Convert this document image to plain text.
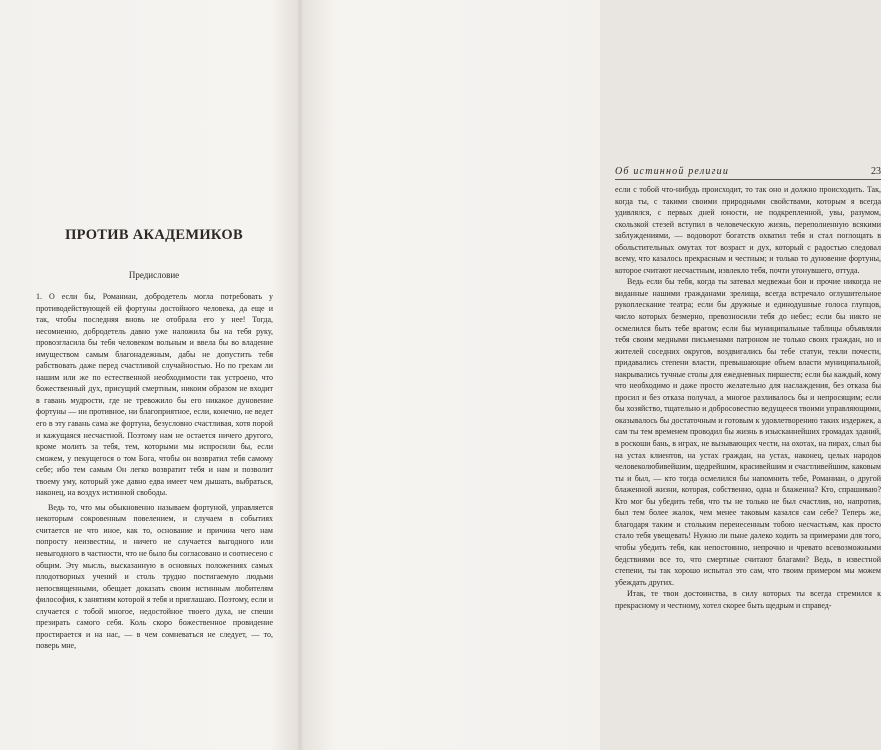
ПРОТИВ АКАДЕМИКОВ
Предисловие

1. О если бы, Романиан, добродетель могла потребовать у противодействующей ей фортуны достойного человека, да еще и так, чтобы последняя вновь не отобрала его у нее! Тогда, несомненно, добродетель давно уже наложила бы на тебя руку, провозгласила бы тебя человеком вольным и ввела бы во владение имуществом самым благонадежным, дабы не допустить тебя рабствовать даже перед счастливой случайностью. Но по грехам ли нашим или же по естественной необходимости так устроено, что божественный дух, присущий смертным, никоим образом не входит в гавань мудрости, где не тревожило бы его никакое дуновение фортуны — ни противное, ни благоприятное, если, конечно, не ведет его в эту гавань сама же фортуна, безусловно счастливая, хотя порой и кажущаяся несчастной. Поэтому нам не остается ничего другого, кроме молить за тебя, тем, которыми мы испросили бы, если сможем, у пекущегося о том Бога, чтобы он возвратил тебя самому себе; ибо тем самым Он легко возвратит тебя и нам и позволит твоему уму, который уже давно едва имеет чем дышать, выбраться, наконец, на воздух истинной свободы.

Ведь то, что мы обыкновенно называем фортуной, управляется некоторым сокровенным повелением, и случаем в событиях считается не что иное, как то, основание и причина чего нам попросту неизвестны, и ничего не случается выгодного или невыгодного в частности, что не было бы согласовано и соотнесено с общим. Эту мысль, высказанную в основных положениях самых плодотворных учений и столь трудно постигаемую людьми непосвященными, обещает доказать своим истинным любителям философия, к занятиям которой я тебя и приглашаю. Поэтому, если и случается с тобой многое, недостойное твоего духа, не спеши презирать самого себя. Коль скоро божественное провидение простирается и на нас, — в чем сомневаться не следует, — то, поверь мне,

Об истинной религии	23

если с тобой что-нибудь происходит, то так оно и должно происходить. Так, когда ты, с такими своими природными свойствами, которым я всегда удивлялся, с первых дней юности, не подкрепленной, увы, разумом, скользкой стезей вступил в человеческую жизнь, переполненную всякими заблуждениями, — водоворот богатств охватил тебя и стал поглощать в обольстительных омутах тот возраст и дух, который с радостью следовал всему, что казалось прекрасным и честным; и только то дуновение фортуны, которое считают несчастным, извлекло тебя, почти утонувшего, оттуда.

Ведь если бы тебя, когда ты затевал медвежьи бои и прочие никогда не виданные нашими гражданами зрелища, всегда встречало оглушительное рукоплескание театра; если бы дружные и единодушные голоса глупцов, число которых безмерно, превозносили тебя до небес; если бы никто не осмелился быть тебе врагом; если бы муниципальные таблицы объявляли тебя своим медными письменами патроном не только своих граждан, но и жителей соседних округов, воздвигались бы тебе статуи, текли почести, придавались степени власти, превышающие объем власти муниципальной, накрывались тучные столы для ежедневных пиршеств; если бы каждый, кому что необходимо и даже просто желательно для наслаждения, без отказа бы просил и без отказа получал, а многое разливалось бы и непросящим; если бы хозяйство, тщательно и добросовестно ведущееся твоими управляющими, оказывалось бы достаточным и готовым к удовлетворению таких издержек, а сам ты тем временем проводил бы жизнь в изысканнейших громадах зданий, в роскоши бань, в играх, не вызывающих чести, на охотах, на пирах, слыл бы на устах клиентов, на устах граждан, на устах, наконец, целых народов человеколюбивейшим, щедрейшим, красивейшим и счастливейшим, каковым ты и был, — кто тогда осмелился бы напомнить тебе, Романиан, о другой блаженной жизни, которая, собственно, одна и блаженна? Кто, спрашиваю? Кто мог бы убедить тебя, что ты не только не был счастлив, но, напротив, был тем более жалок, чем менее таковым казался сам себе? Теперь же, благодаря таким и стольким перенесенным тобою несчастьям, как просто стало тебя увещевать! Нужно ли пыне далеко ходить за примерами для того, чтобы убедить тебя, как непостоянно, непрочно и чревато всевозможными бедствиями все то, что смертные считают благами? Ведь, в известной степени, ты так хорошо испытал это сам, что твоим примером мы можем убеждать других.

Итак, те твои достоинства, в силу которых ты всегда стремился к прекрасному и честному, хотел скорее быть щедрым и справед-
